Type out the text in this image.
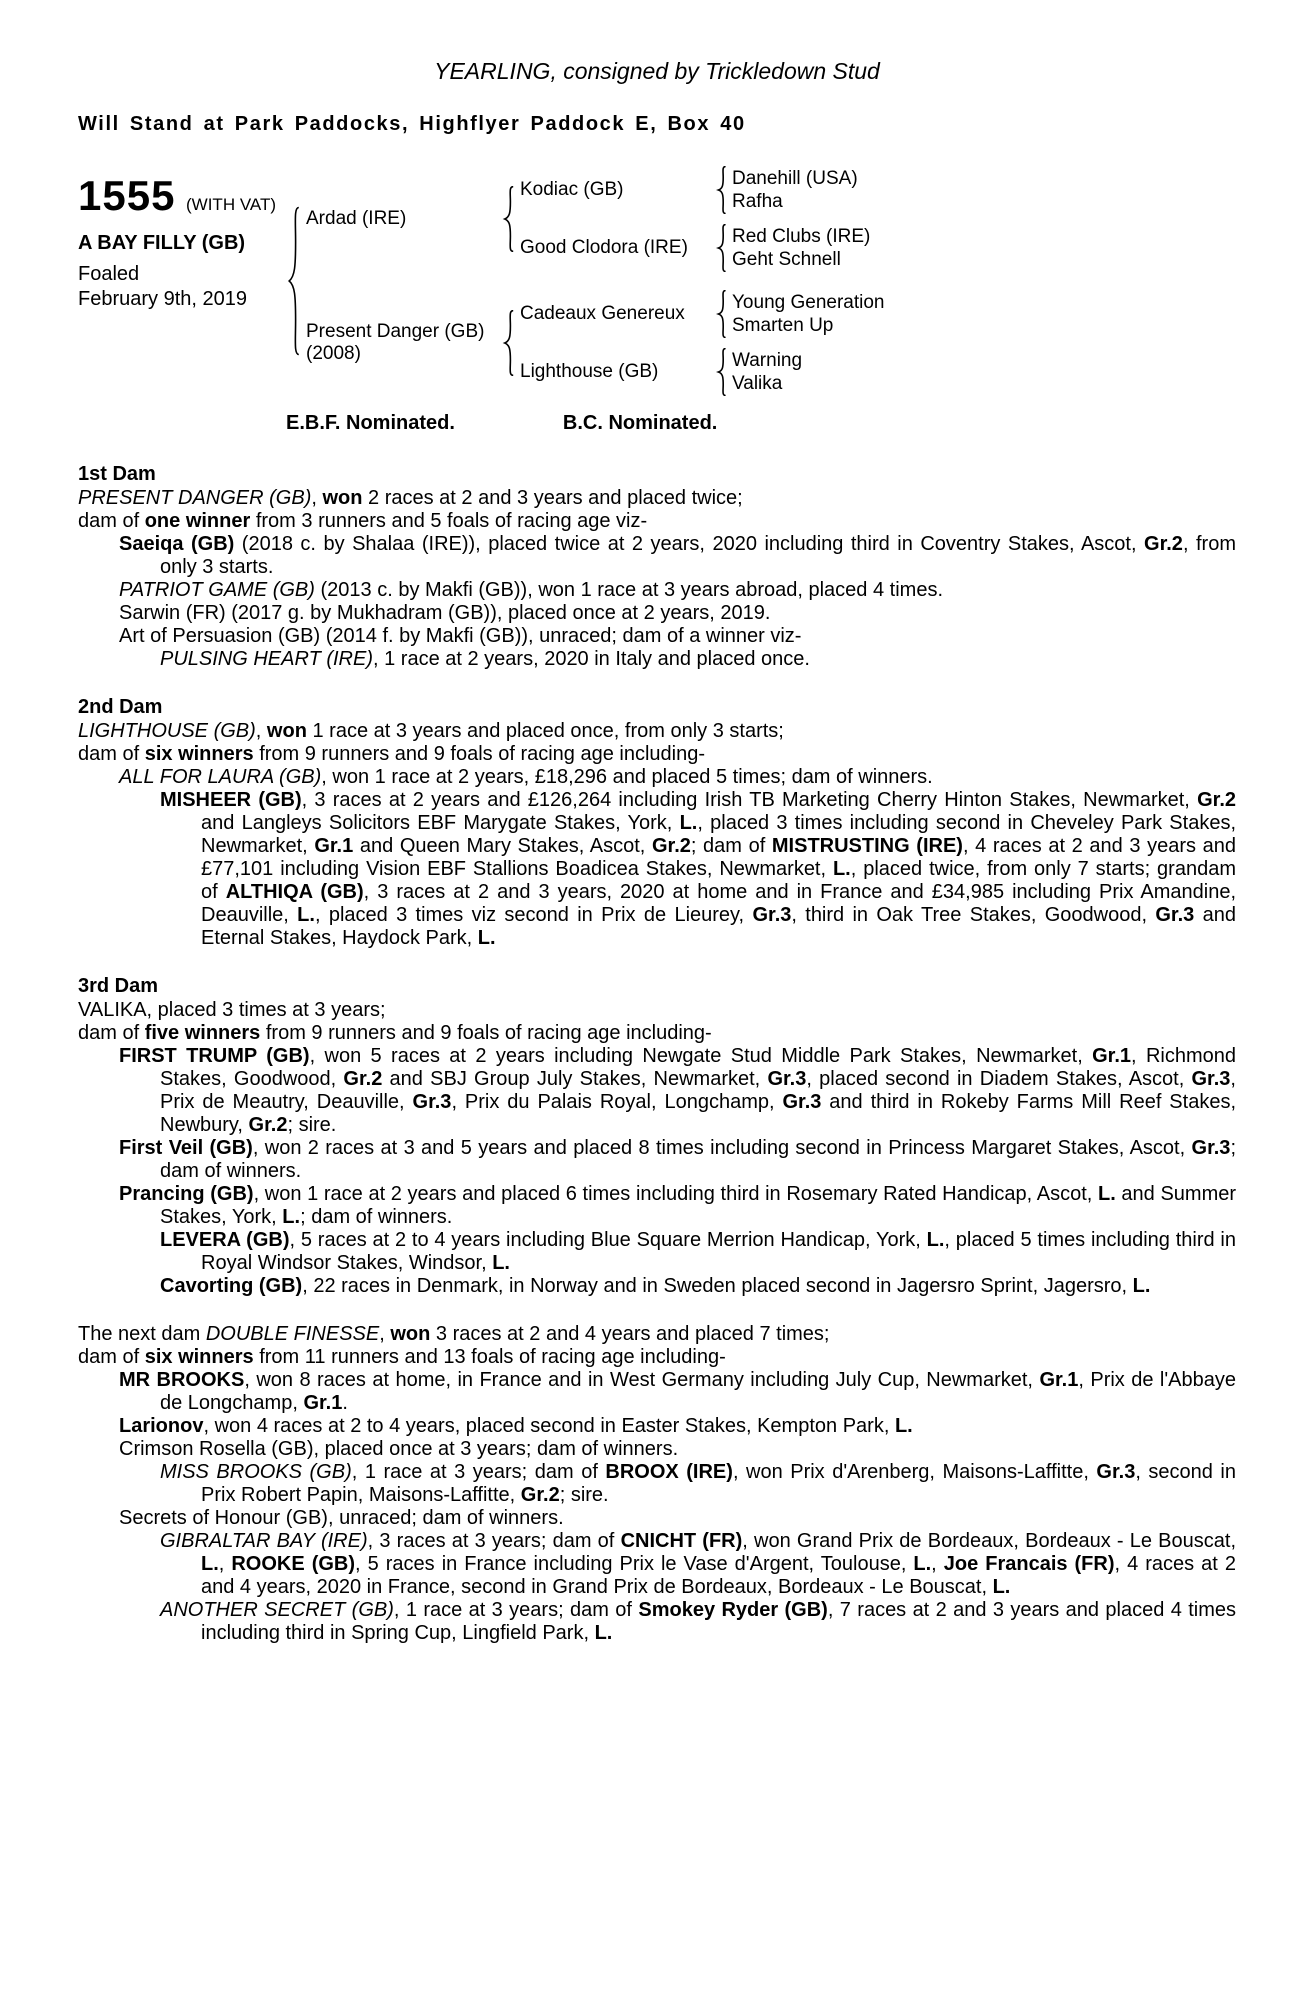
YEARLING, consigned by Trickledown Stud
Will Stand at Park Paddocks, Highflyer Paddock E, Box 40
1555 (WITH VAT)
A BAY FILLY (GB)
Foaled
February 9th, 2019
Ardad (IRE)
Kodiac (GB)
Danehill (USA)
Rafha
Good Clodora (IRE)
Red Clubs (IRE)
Geht Schnell
Present Danger (GB)
(2008)
Cadeaux Genereux
Young Generation
Smarten Up
Lighthouse (GB)
Warning
Valika
E.B.F. Nominated.	B.C. Nominated.
1st Dam

PRESENT DANGER (GB), won 2 races at 2 and 3 years and placed twice;

dam of one winner from 3 runners and 5 foals of racing age viz-

Saeiqa (GB) (2018 c. by Shalaa (IRE)), placed twice at 2 years, 2020 including third in Coventry Stakes, Ascot, Gr.2, from only 3 starts.

PATRIOT GAME (GB) (2013 c. by Makfi (GB)), won 1 race at 3 years abroad, placed 4 times.

Sarwin (FR) (2017 g. by Mukhadram (GB)), placed once at 2 years, 2019.

Art of Persuasion (GB) (2014 f. by Makfi (GB)), unraced; dam of a winner viz-

PULSING HEART (IRE), 1 race at 2 years, 2020 in Italy and placed once.

2nd Dam

LIGHTHOUSE (GB), won 1 race at 3 years and placed once, from only 3 starts;

dam of six winners from 9 runners and 9 foals of racing age including-

ALL FOR LAURA (GB), won 1 race at 2 years, £18,296 and placed 5 times; dam of winners.

MISHEER (GB), 3 races at 2 years and £126,264 including Irish TB Marketing Cherry Hinton Stakes, Newmarket, Gr.2 and Langleys Solicitors EBF Marygate Stakes, York, L., placed 3 times including second in Cheveley Park Stakes, Newmarket, Gr.1 and Queen Mary Stakes, Ascot, Gr.2; dam of MISTRUSTING (IRE), 4 races at 2 and 3 years and £77,101 including Vision EBF Stallions Boadicea Stakes, Newmarket, L., placed twice, from only 7 starts; grandam of ALTHIQA (GB), 3 races at 2 and 3 years, 2020 at home and in France and £34,985 including Prix Amandine, Deauville, L., placed 3 times viz second in Prix de Lieurey, Gr.3, third in Oak Tree Stakes, Goodwood, Gr.3 and Eternal Stakes, Haydock Park, L.

3rd Dam

VALIKA, placed 3 times at 3 years;

dam of five winners from 9 runners and 9 foals of racing age including-

FIRST TRUMP (GB), won 5 races at 2 years including Newgate Stud Middle Park Stakes, Newmarket, Gr.1, Richmond Stakes, Goodwood, Gr.2 and SBJ Group July Stakes, Newmarket, Gr.3, placed second in Diadem Stakes, Ascot, Gr.3, Prix de Meautry, Deauville, Gr.3, Prix du Palais Royal, Longchamp, Gr.3 and third in Rokeby Farms Mill Reef Stakes, Newbury, Gr.2; sire.

First Veil (GB), won 2 races at 3 and 5 years and placed 8 times including second in Princess Margaret Stakes, Ascot, Gr.3; dam of winners.

Prancing (GB), won 1 race at 2 years and placed 6 times including third in Rosemary Rated Handicap, Ascot, L. and Summer Stakes, York, L.; dam of winners.

LEVERA (GB), 5 races at 2 to 4 years including Blue Square Merrion Handicap, York, L., placed 5 times including third in Royal Windsor Stakes, Windsor, L.

Cavorting (GB), 22 races in Denmark, in Norway and in Sweden placed second in Jagersro Sprint, Jagersro, L.

The next dam DOUBLE FINESSE, won 3 races at 2 and 4 years and placed 7 times;

dam of six winners from 11 runners and 13 foals of racing age including-

MR BROOKS, won 8 races at home, in France and in West Germany including July Cup, Newmarket, Gr.1, Prix de l'Abbaye de Longchamp, Gr.1.

Larionov, won 4 races at 2 to 4 years, placed second in Easter Stakes, Kempton Park, L.

Crimson Rosella (GB), placed once at 3 years; dam of winners.

MISS BROOKS (GB), 1 race at 3 years; dam of BROOX (IRE), won Prix d'Arenberg, Maisons-Laffitte, Gr.3, second in Prix Robert Papin, Maisons-Laffitte, Gr.2; sire.

Secrets of Honour (GB), unraced; dam of winners.

GIBRALTAR BAY (IRE), 3 races at 3 years; dam of CNICHT (FR), won Grand Prix de Bordeaux, Bordeaux - Le Bouscat, L., ROOKE (GB), 5 races in France including Prix le Vase d'Argent, Toulouse, L., Joe Francais (FR), 4 races at 2 and 4 years, 2020 in France, second in Grand Prix de Bordeaux, Bordeaux - Le Bouscat, L.

ANOTHER SECRET (GB), 1 race at 3 years; dam of Smokey Ryder (GB), 7 races at 2 and 3 years and placed 4 times including third in Spring Cup, Lingfield Park, L.
